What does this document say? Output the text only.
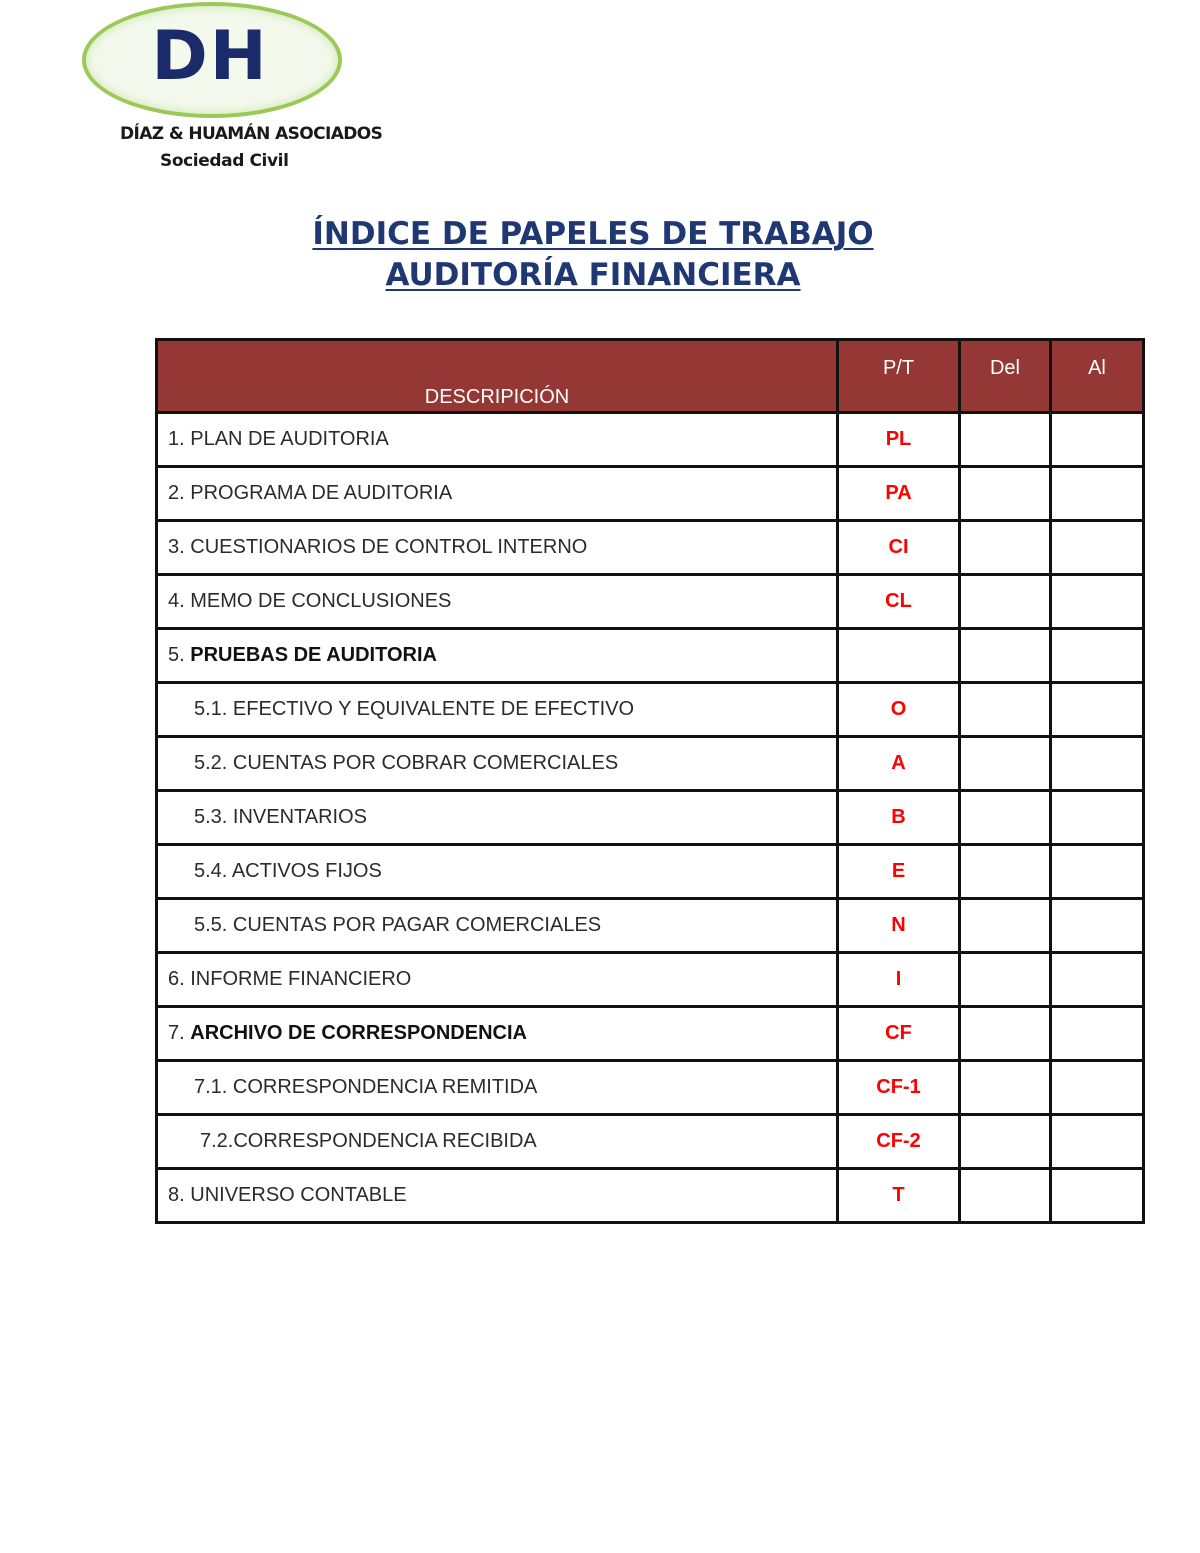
DH
DÍAZ & HUAMÁN ASOCIADOS
Sociedad Civil
ÍNDICE DE PAPELES DE TRABAJO
AUDITORÍA FINANCIERA
DESCRIPICIÓN	P/T	Del	Al
1. PLAN DE AUDITORIA	PL		
2. PROGRAMA DE AUDITORIA	PA		
3. CUESTIONARIOS DE CONTROL INTERNO	CI		
4. MEMO DE CONCLUSIONES	CL		
5. PRUEBAS DE AUDITORIA			
5.1. EFECTIVO Y EQUIVALENTE DE EFECTIVO	O		
5.2. CUENTAS POR COBRAR COMERCIALES	A		
5.3. INVENTARIOS	B		
5.4. ACTIVOS FIJOS	E		
5.5. CUENTAS POR PAGAR COMERCIALES	N		
6. INFORME FINANCIERO	I		
7. ARCHIVO DE CORRESPONDENCIA	CF		
7.1. CORRESPONDENCIA REMITIDA	CF-1		
7.2.CORRESPONDENCIA RECIBIDA	CF-2		
8. UNIVERSO CONTABLE	T		
